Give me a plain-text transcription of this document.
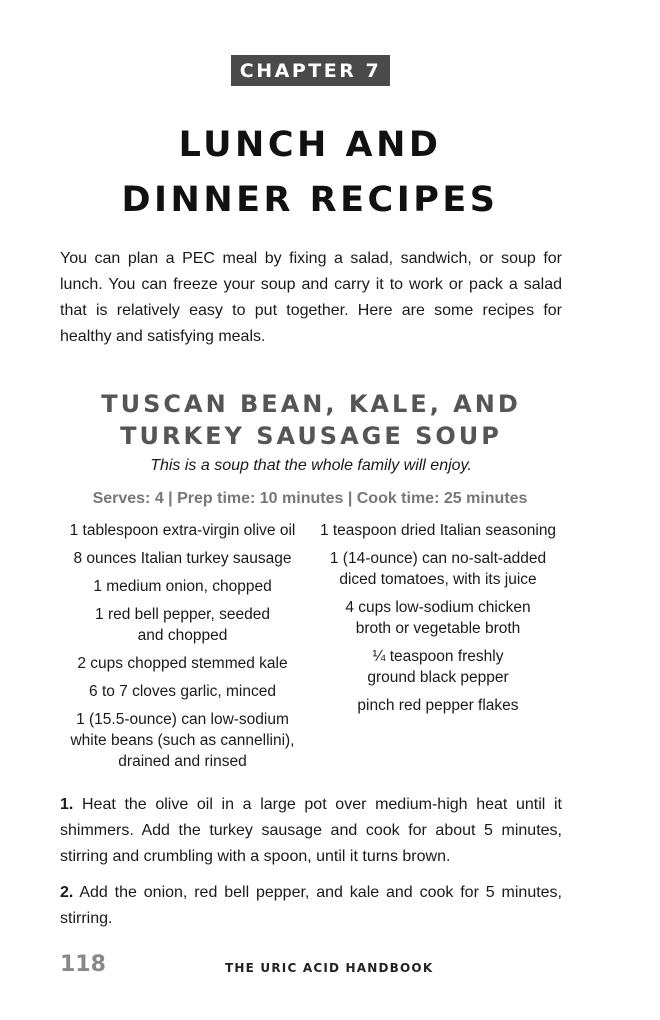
CHAPTER 7
LUNCH AND
DINNER RECIPES

You can plan a PEC meal by fixing a salad, sandwich, or soup for lunch. You can freeze your soup and carry it to work or pack a salad that is relatively easy to put together. Here are some recipes for healthy and satisfying meals.

TUSCAN BEAN, KALE, AND
TURKEY SAUSAGE SOUP
This is a soup that the whole family will enjoy.
Serves: 4 | Prep time: 10 minutes | Cook time: 25 minutes
1 tablespoon extra-virgin olive oil
8 ounces Italian turkey sausage
1 medium onion, chopped
1 red bell pepper, seeded and chopped
2 cups chopped stemmed kale
6 to 7 cloves garlic, minced
1 (15.5-ounce) can low-sodium white beans (such as cannellini), drained and rinsed
1 teaspoon dried Italian seasoning
1 (14-ounce) can no-salt-added diced tomatoes, with its juice
4 cups low-sodium chicken broth or vegetable broth
¼ teaspoon freshly ground black pepper
pinch red pepper flakes

1. Heat the olive oil in a large pot over medium-high heat until it shimmers. Add the turkey sausage and cook for about 5 minutes, stirring and crumbling with a spoon, until it turns brown.

2. Add the onion, red bell pepper, and kale and cook for 5 minutes, stirring.

118	THE URIC ACID HANDBOOK
